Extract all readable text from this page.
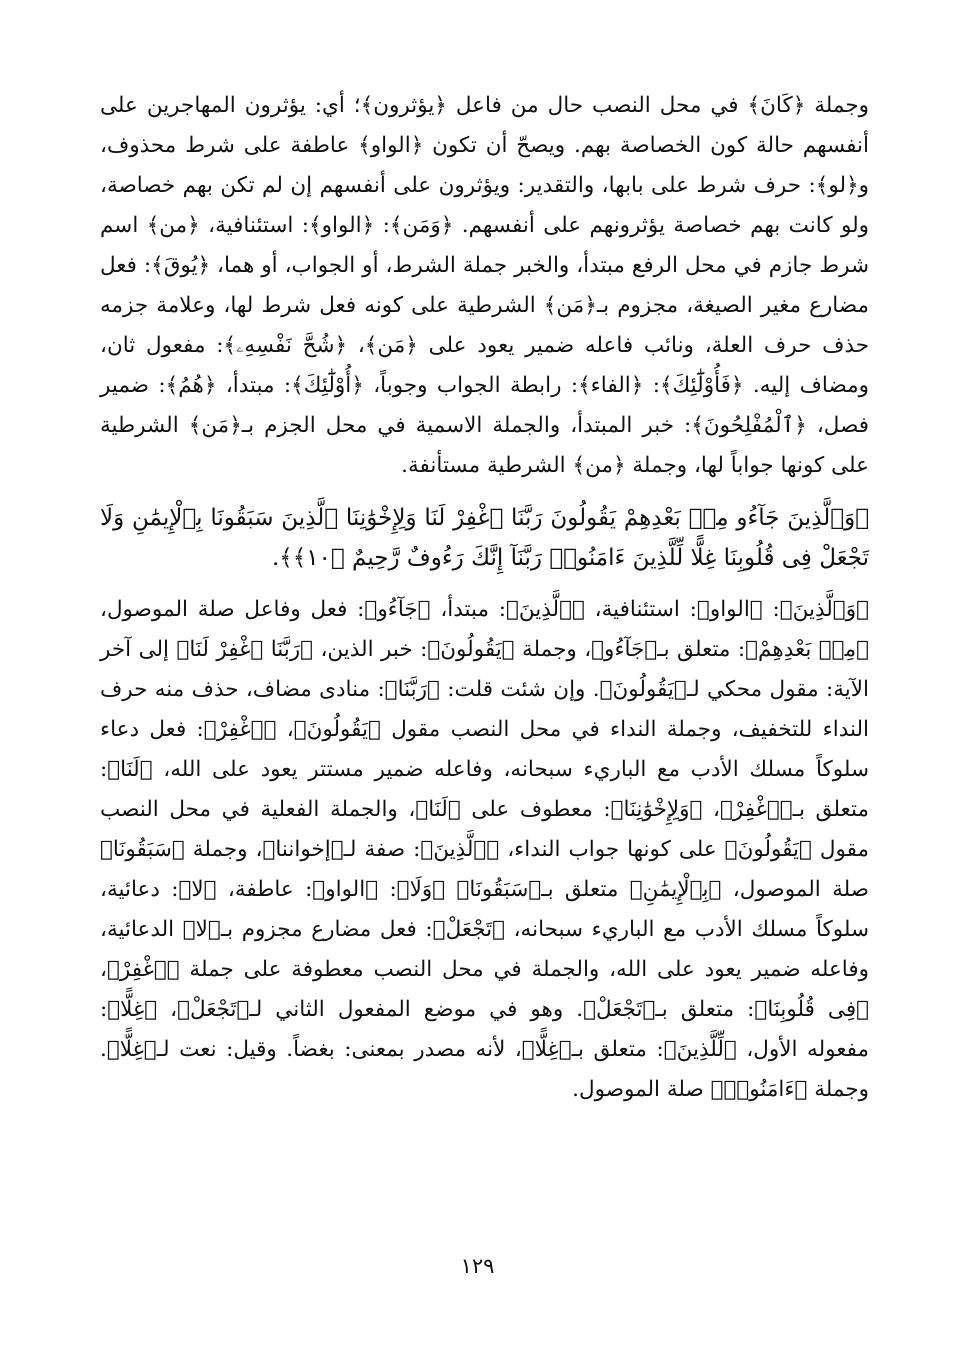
وجملة ﴿كَانَ﴾ في محل النصب حال من فاعل ﴿يؤثرون﴾؛ أي: يؤثرون المهاجرين على أنفسهم حالة كون الخصاصة بهم. ويصحّ أن تكون ﴿الواو﴾ عاطفة على شرط محذوف، و﴿لو﴾: حرف شرط على بابها، والتقدير: ويؤثرون على أنفسهم إن لم تكن بهم خصاصة، ولو كانت بهم خصاصة يؤثرونهم على أنفسهم. ﴿وَمَن﴾: ﴿الواو﴾: استئنافية، ﴿من﴾ اسم شرط جازم في محل الرفع مبتدأ، والخبر جملة الشرط، أو الجواب، أو هما، ﴿يُوقَ﴾: فعل مضارع مغير الصيغة، مجزوم بـ﴿مَن﴾ الشرطية على كونه فعل شرط لها، وعلامة جزمه حذف حرف العلة، ونائب فاعله ضمير يعود على ﴿مَن﴾، ﴿شُحَّ نَفْسِهِۦ﴾: مفعول ثان، ومضاف إليه. ﴿فَأُوْلَٰٓئِكَ﴾: ﴿الفاء﴾: رابطة الجواب وجوباً، ﴿أُوْلَٰٓئِكَ﴾: مبتدأ، ﴿هُمُ﴾: ضمير فصل، ﴿ٱلْمُفْلِحُونَ﴾: خبر المبتدأ، والجملة الاسمية في محل الجزم بـ﴿مَن﴾ الشرطية على كونها جواباً لها، وجملة ﴿من﴾ الشرطية مستأنفة.

﴿وَٱلَّذِينَ جَآءُو مِنۢ بَعْدِهِمْ يَقُولُونَ رَبَّنَا ٱغْفِرْ لَنَا وَلِإِخْوَٰنِنَا ٱلَّذِينَ سَبَقُونَا بِٱلْإِيمَٰنِ وَلَا تَجْعَلْ فِى قُلُوبِنَا غِلًّا لِّلَّذِينَ ءَامَنُوا۟ رَبَّنَآ إِنَّكَ رَءُوفٌ رَّحِيمٌ ﴿١٠﴾﴾.

﴿وَٱلَّذِينَ﴾: ﴿الواو﴾: استئنافية، ﴿ٱلَّذِينَ﴾: مبتدأ، ﴿جَآءُو﴾: فعل وفاعل صلة الموصول، ﴿مِنۢ بَعْدِهِمْ﴾: متعلق بـ﴿جَآءُو﴾، وجملة ﴿يَقُولُونَ﴾: خبر الذين، ﴿رَبَّنَا ٱغْفِرْ لَنَا﴾ إلى آخر الآية: مقول محكي لـ﴿يَقُولُونَ﴾. وإن شئت قلت: ﴿رَبَّنَا﴾: منادى مضاف، حذف منه حرف النداء للتخفيف، وجملة النداء في محل النصب مقول ﴿يَقُولُونَ﴾، ﴿ٱغْفِرْ﴾: فعل دعاء سلوكاً مسلك الأدب مع الباريء سبحانه، وفاعله ضمير مستتر يعود على الله، ﴿لَنَا﴾: متعلق بـ﴿ٱغْفِرْ﴾، ﴿وَلِإِخْوَٰنِنَا﴾: معطوف على ﴿لَنَا﴾، والجملة الفعلية في محل النصب مقول ﴿يَقُولُونَ﴾ على كونها جواب النداء، ﴿ٱلَّذِينَ﴾: صفة لـ﴿إخواننا﴾، وجملة ﴿سَبَقُونَا﴾ صلة الموصول، ﴿بِٱلْإِيمَٰنِ﴾ متعلق بـ﴿سَبَقُونَا﴾ ﴿وَلَا﴾: ﴿الواو﴾: عاطفة، ﴿لا﴾: دعائية، سلوكاً مسلك الأدب مع الباريء سبحانه، ﴿تَجْعَلْ﴾: فعل مضارع مجزوم بـ﴿لا﴾ الدعائية، وفاعله ضمير يعود على الله، والجملة في محل النصب معطوفة على جملة ﴿ٱغْفِرْ﴾، ﴿فِى قُلُوبِنَا﴾: متعلق بـ﴿تَجْعَلْ﴾. وهو في موضع المفعول الثاني لـ﴿تَجْعَلْ﴾، ﴿غِلًّا﴾: مفعوله الأول، ﴿لِّلَّذِينَ﴾: متعلق بـ﴿غِلًّا﴾، لأنه مصدر بمعنى: بغضاً. وقيل: نعت لـ﴿غِلًّا﴾. وجملة ﴿ءَامَنُوا۟﴾ صلة الموصول.

١٢٩
